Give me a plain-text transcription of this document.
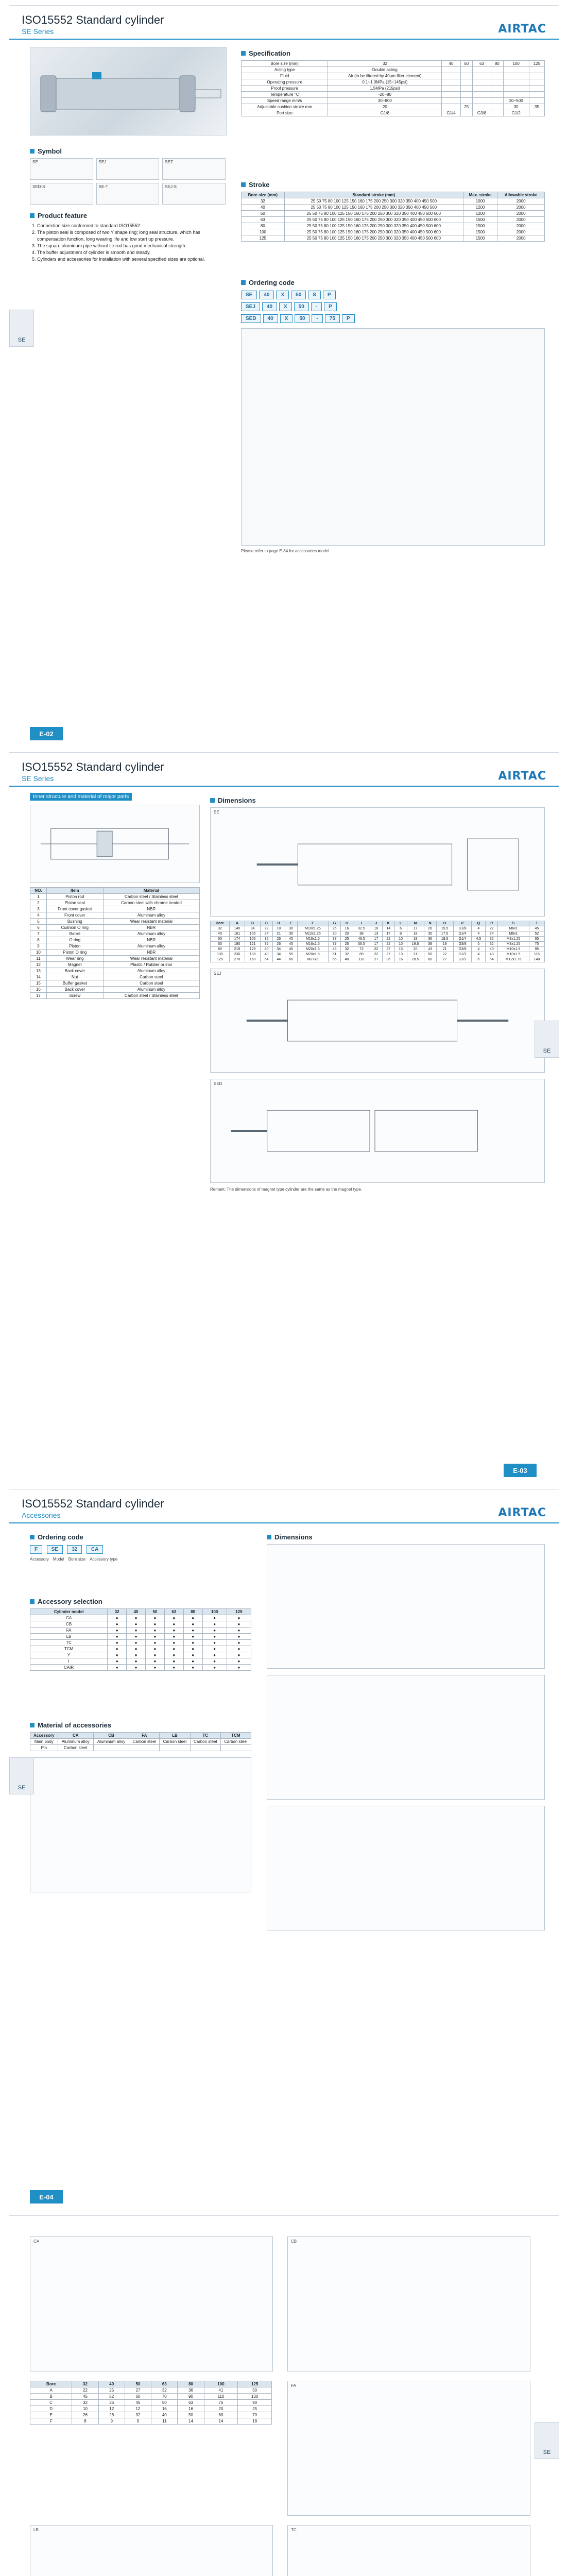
ISO15552 Standard cylinder
SE Series	AIRTAC
Symbol
SE	SEJ	SEZ
SED-S	SE-T	SEJ-S
Product feature
1. Connection size conformed to standard ISO15552.
2. The piston seal is composed of two Y shape ring; long seal structure, which has compensation function, long wearing life and low start up pressure.
3. The square aluminum pipe without tie rod has good mechanical strength.
4. The buffer adjustment of cylinder is smooth and steady.
5. Cylinders and accessories for installation with several specified sizes are optional.
Specification
Bore size (mm)	32	40	50	63	80	100	125
Acting type	Double acting						
Fluid	Air (to be filtered by 40μm filter element)						
Operating pressure	0.1~1.0MPa (15~145psi)						
Proof pressure	1.5MPa (215psi)						
Temperature °C	-20~80						
Speed range mm/s	30~800					30~500	
Adjustable cushion stroke mm	20		25			30	35
Port size	G1/8	G1/4		G3/8		G1/2	
Stroke
Bore size (mm)	Standard stroke (mm)	Max. stroke	Allowable stroke
32	25 50 75 80 100 125 150 160 175 200 250 300 320 350 400 450 500	1000	2000
40	25 50 75 80 100 125 150 160 175 200 250 300 320 350 400 450 500	1200	2000
50	25 50 75 80 100 125 150 160 175 200 250 300 320 350 400 450 500 600	1200	2000
63	25 50 75 80 100 125 150 160 175 200 250 300 320 350 400 450 500 600	1500	2000
80	25 50 75 80 100 125 150 160 175 200 250 300 320 350 400 450 500 600	1500	2000
100	25 50 75 80 100 125 150 160 175 200 250 300 320 350 400 450 500 600	1500	2000
125	25 50 75 80 100 125 150 160 175 200 250 300 320 350 400 450 500 600	1500	2000
Ordering code
SE 40 X 50 S P
SEJ 40 X 50 - P
SED 40 X 50 - 75 P
Please refer to page E-84 for accessories model.
SE
E-02
ISO15552 Standard cylinder
SE Series	AIRTAC
Inner structure and material of major parts
NO.	Item	Material
1	Piston rod	Carbon steel / Stainless steel
2	Piston seal	Carbon steel with chrome treated
3	Front cover gasket	NBR
4	Front cover	Aluminum alloy
5	Bushing	Wear resistant material
6	Cushion O ring	NBR
7	Barrel	Aluminum alloy
8	O ring	NBR
9	Piston	Aluminum alloy
10	Piston O ring	NBR
11	Wear ring	Wear resistant material
12	Magnet	Plastic / Rubber or iron
13	Back cover	Aluminum alloy
14	Nut	Carbon steel
15	Buffer gasket	Carbon steel
16	Back cover	Aluminum alloy
17	Screw	Carbon steel / Stainless steel
Dimensions
SE
Bore	A	B	C	D	E	F	G	H	I	J	K	L	M	N	O	P	Q	R	S	T
32	140	94	22	18	30	M10x1.25	26	16	32.5	10	14	6	17	26	15.5	G1/8	4	22	M6x1	45
40	161	105	24	21	35	M12x1.25	30	20	38	13	17	8	18	30	17.5	G1/4	4	24	M6x1	52
50	174	106	32	26	40	M16x1.5	37	25	46.5	17	22	10	18	36	18.5	G1/4	4.5	32	M8x1.25	65
63	190	121	32	26	45	M16x1.5	37	25	56.5	17	22	10	19.5	38	19	G3/8	5	32	M8x1.25	75
80	219	128	40	34	45	M20x1.5	46	32	72	22	27	13	20	43	21	G3/8	4	40	M10x1.5	95
100	230	138	40	34	55	M20x1.5	51	32	89	22	27	13	21	50	22	G1/2	4	40	M10x1.5	115
125	270	160	54	44	60	M27x2	65	40	110	27	36	16	28.5	60	27	G1/2	6	54	M12x1.75	140
SEJ
SED
Remark: The dimensions of magnet type cylinder are the same as the magnet type.
SE
E-03
ISO15552 Standard cylinder
Accessories	AIRTAC
Ordering code
F	SE	32	CA
Accessory Model Bore size Accessory type
Accessory selection
Cylinder model	32	40	50	63	80	100	125
CA	●	●	●	●	●	●	●
CB	●	●	●	●	●	●	●
FA	●	●	●	●	●	●	●
LB	●	●	●	●	●	●	●
TC	●	●	●	●	●	●	●
TCM	●	●	●	●	●	●	●
Y	●	●	●	●	●	●	●
I	●	●	●	●	●	●	●
CAIR	●	●	●	●	●	●	●
Material of accessories
Accessory	CA	CB	FA	LB	TC	TCM
Main body	Aluminum alloy	Aluminum alloy	Carbon steel	Carbon steel	Carbon steel	Carbon steel
Pin	Carbon steel					
Dimensions
SE
E-04
CA	CB
Bore	32	40	50	63	80	100	125
A	22	25	27	32	36	41	50
B	45	52	60	70	90	110	130
C	32	36	45	50	63	75	90
D	10	12	12	16	16	20	25
E	26	28	32	40	50	60	70
F	8	9	9	11	14	14	18
FA
LB	TC
SE
